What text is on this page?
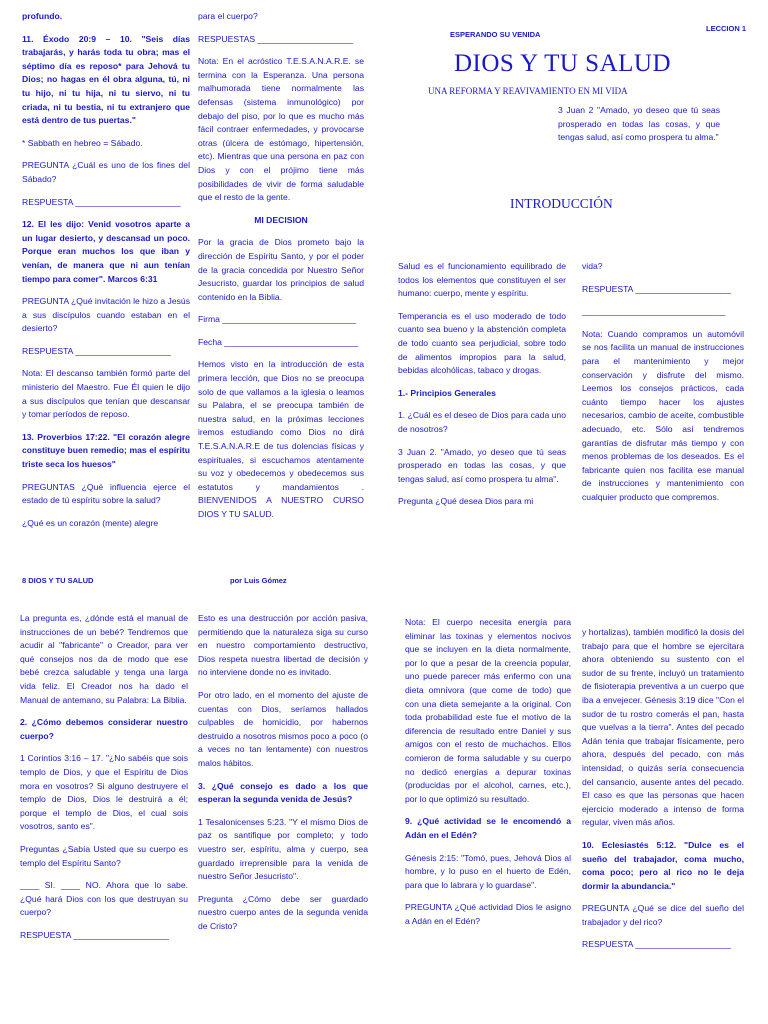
ESPERANDO SU VENIDA
LECCION 1
DIOS Y TU SALUD
UNA REFORMA Y REAVIVAMIENTO EN MI VIDA
3 Juan 2 "Amado, yo deseo que tú seas prosperado en todas las cosas, y que tengas salud, así como prospera tu alma."
INTRODUCCIÓN

profundo.

11. Éxodo 20:9 – 10. "Seis días trabajarás, y harás toda tu obra; mas el séptimo día es reposo* para Jehová tu Dios; no hagas en él obra alguna, tú, ni tu hijo, ni tu hija, ni tu siervo, ni tu criada, ni tu bestia, ni tu extranjero que está dentro de tus puertas."

* Sabbath en hebreo = Sábado.

PREGUNTA ¿Cuál es uno de los fines del Sábado?

RESPUESTA ______________________

12. El les dijo: Venid vosotros aparte a un lugar desierto, y descansad un poco. Porque eran muchos los que iban y venían, de manera que ni aun tenían tiempo para comer". Marcos 6:31

PREGUNTA ¿Qué invitación le hizo a Jesús a sus discípulos cuando estaban en el desierto?

RESPUESTA ____________________

Nota: El descanso también formó parte del ministerio del Maestro. Fue Él quien le dijo a sus discípulos que tenían que descansar y tomar períodos de reposo.

13. Proverbios 17:22. "El corazón alegre constituye buen remedio; mas el espíritu triste seca los huesos"

PREGUNTAS ¿Qué influencia ejerce el estado de tú espíritu sobre la salud?

¿Qué es un corazón (mente) alegre

para el cuerpo?

RESPUESTAS ____________________

Nota: En el acróstico T.E.S.A.N.A.R.E. se termina con la Esperanza. Una persona malhumorada tiene normalmente las defensas (sistema inmunológico) por debajo del piso, por lo que es mucho más fácil contraer enfermedades, y provocarse otras (úlcera de estómago, hipertensión, etc). Mientras que una persona en paz con Dios y con el prójimo tiene más posibilidades de vivir de forma saludable que el resto de la gente.

MI DECISION

Por la gracia de Dios prometo bajo la dirección de Espíritu Santo, y por el poder de la gracia concedida por Nuestro Señor Jesucristo, guardar los principios de salud contenido en la Biblia.

Firma ____________________________

Fecha ____________________________

Hemos visto en la introducción de esta primera lección, que Dios no se preocupa solo de que vallamos a la iglesia o leamos su Palabra, el se preocupa también de nuestra salud, en la próximas lecciones iremos estudiando como Dios no dirá T.E.S.A.N.A.R.E de tus dolencias físicas y espirituales, si escuchamos atentamente su voz y obedecemos y obedecemos sus estatutos y mandamientos . BIENVENIDOS A NUESTRO CURSO DIOS Y TU SALUD.

Salud es el funcionamiento equilibrado de todos los elementos que constituyen el ser humano: cuerpo, mente y espíritu.

Temperancia es el uso moderado de todo cuanto sea bueno y la abstención completa de todo cuanto sea perjudicial, sobre todo de alimentos impropios para la salud, bebidas alcohólicas, tabaco y drogas.

1.- Principios Generales

1. ¿Cuál es el deseo de Dios para cada uno de nosotros?

3 Juan 2. "Amado, yo deseo que tú seas prosperado en todas las cosas, y que tengas salud, así como prospera tu alma".

Pregunta ¿Qué desea Dios para mi

vida?

RESPUESTA ____________________

______________________________

Nota: Cuando compramos un automóvil se nos facilita un manual de instrucciones para el mantenimiento y mejor conservación y disfrute del mismo. Leemos los consejos prácticos, cada cuánto tiempo hacer los ajustes necesarios, cambio de aceite, combustible adecuado, etc. Sólo así tendremos garantías de disfrutar más tiempo y con menos problemas de los deseados. Es el fabricante quien nos facilita ese manual de instrucciones y mantenimiento con cualquier producto que compremos.

8 DIOS Y TU SALUD	por Luis Gómez

La pregunta es, ¿dónde está el manual de instrucciones de un bebé? Tendremos que acudir al "fabricante" o Creador, para ver qué consejos nos da de modo que ese bebé crezca saludable y tenga una larga vida feliz. El Creador nos ha dado el Manual de antemano, su Palabra: La Biblia.

2. ¿Cómo debemos considerar nuestro cuerpo?

1 Corintios 3:16 – 17. "¿No sabéis que sois templo de Dios, y que el Espíritu de Dios mora en vosotros? Si alguno destruyere el templo de Dios, Dios le destruirá a él; porque el templo de Dios, el cual sois vosotros, santo es".

Preguntas ¿Sabía Usted que su cuerpo es templo del Espíritu Santo?

____ SI. ____ NO. Ahora que lo sabe. ¿Qué hará Dios con los que destruyan su cuerpo?

RESPUESTA ____________________

Esto es una destrucción por acción pasiva, permitiendo que la naturaleza siga su curso en nuestro comportamiento destructivo, Dios respeta nuestra libertad de decisión y no interviene donde no es invitado.

Por otro lado, en el momento del ajuste de cuentas con Dios, seríamos hallados culpables de homicidio, por habernos destruido a nosotros mismos poco a poco (o a veces no tan lentamente) con nuestros malos hábitos.

3. ¿Qué consejo es dado a los que esperan la segunda venida de Jesús?

1 Tesalonicenses 5:23. "Y el mismo Dios de paz os santifique por completo; y todo vuestro ser, espíritu, alma y cuerpo, sea guardado irreprensible para la venida de nuestro Señor Jesucristo".

Pregunta ¿Cómo debe ser guardado nuestro cuerpo antes de la segunda venida de Cristo?

Nota: El cuerpo necesita energía para eliminar las toxinas y elementos nocivos que se incluyen en la dieta normalmente, por lo que a pesar de la creencia popular, uno puede parecer más enfermo con una dieta omnívora (que come de todo) que con una dieta semejante a la original. Con toda probabilidad este fue el motivo de la diferencia de resultado entre Daniel y sus amigos con el resto de muchachos. Ellos comieron de forma saludable y su cuerpo no dedicó energías a depurar toxinas (producidas por el alcohol, carnes, etc.), por lo que optimizó su resultado.

9. ¿Qué actividad se le encomendó a Adán en el Edén?

Génesis 2:15: "Tomó, pues, Jehová Dios al hombre, y lo puso en el huerto de Edén, para que lo labrara y lo guardase".

PREGUNTA ¿Qué actividad Dios le asigno a Adán en el Edén?

y hortalizas), también modificó la dosis del trabajo para que el hombre se ejercitara ahora obteniendo su sustento con el sudor de su frente, incluyó un tratamiento de fisioterapia preventiva a un cuerpo que iba a envejecer. Génesis 3:19 dice "Con el sudor de tu rostro comerás el pan, hasta que vuelvas a la tierra". Antes del pecado Adán tenía que trabajar físicamente, pero ahora, después del pecado, con más intensidad, o quizás sería consecuencia del cansancio, ausente antes del pecado. El caso es que las personas que hacen ejercicio moderado a intenso de forma regular, viven más años.

10. Eclesiastés 5:12. "Dulce es el sueño del trabajador, coma mucho, coma poco; pero al rico no le deja dormir la abundancia."

PREGUNTA ¿Qué se dice del sueño del trabajador y del rico?

RESPUESTA ____________________
